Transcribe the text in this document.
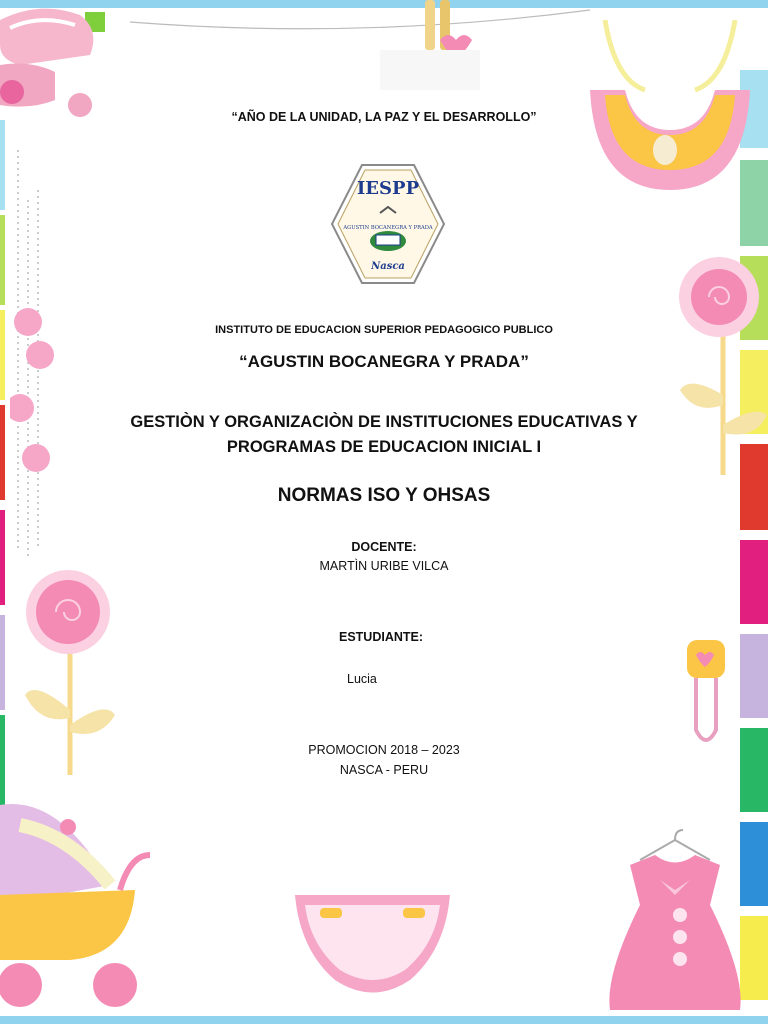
“AÑO DE LA UNIDAD, LA PAZ Y EL DESARROLLO”
IESPP
AGUSTIN BOCANEGRA Y PRADA
Nasca
INSTITUTO DE EDUCACION SUPERIOR PEDAGOGICO PUBLICO
“AGUSTIN BOCANEGRA Y PRADA”
GESTIÒN Y ORGANIZACIÒN DE INSTITUCIONES EDUCATIVAS Y
PROGRAMAS DE EDUCACION INICIAL I
NORMAS ISO Y OHSAS
DOCENTE:
MARTÌN URIBE VILCA
ESTUDIANTE:
Lucia
PROMOCION 2018 – 2023
NASCA - PERU
